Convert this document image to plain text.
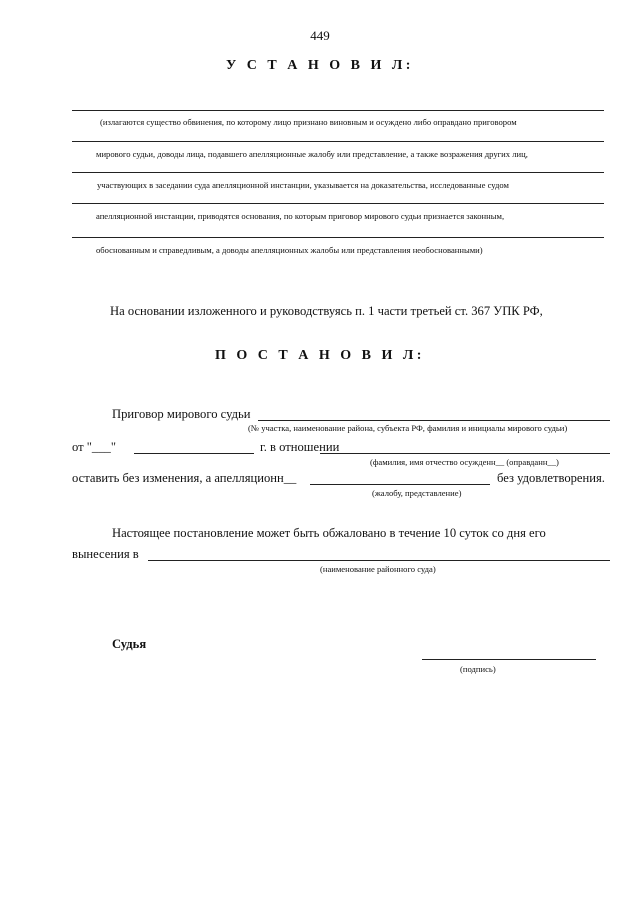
449
У С Т А Н О В И Л:
(излагаются существо обвинения, по которому лицо признано виновным и осуждено либо оправдано приговором
мирового судьи, доводы лица, подавшего апелляционные жалобу или представление, а также возражения других лиц,
участвующих в заседании суда апелляционной инстанции, указывается на доказательства, исследованные судом
апелляционной инстанции, приводятся основания, по которым приговор мирового судьи признается законным,
обоснованным и справедливым, а доводы апелляционных жалобы или представления необоснованными)
На основании изложенного и руководствуясь п. 1 части третьей ст. 367 УПК РФ,
П О С Т А Н О В И Л:
Приговор мирового судьи
(№ участка, наименование района, субъекта РФ, фамилия и инициалы мирового судьи)
от "___"	г. в отношении
(фамилия, имя отчество осужденн__ (оправданн__)
оставить без изменения, а апелляционн__	без удовлетворения.
(жалобу, представление)
Настоящее постановление может быть обжаловано в течение 10 суток со дня его
вынесения в
(наименование районного суда)
Судья
(подпись)
